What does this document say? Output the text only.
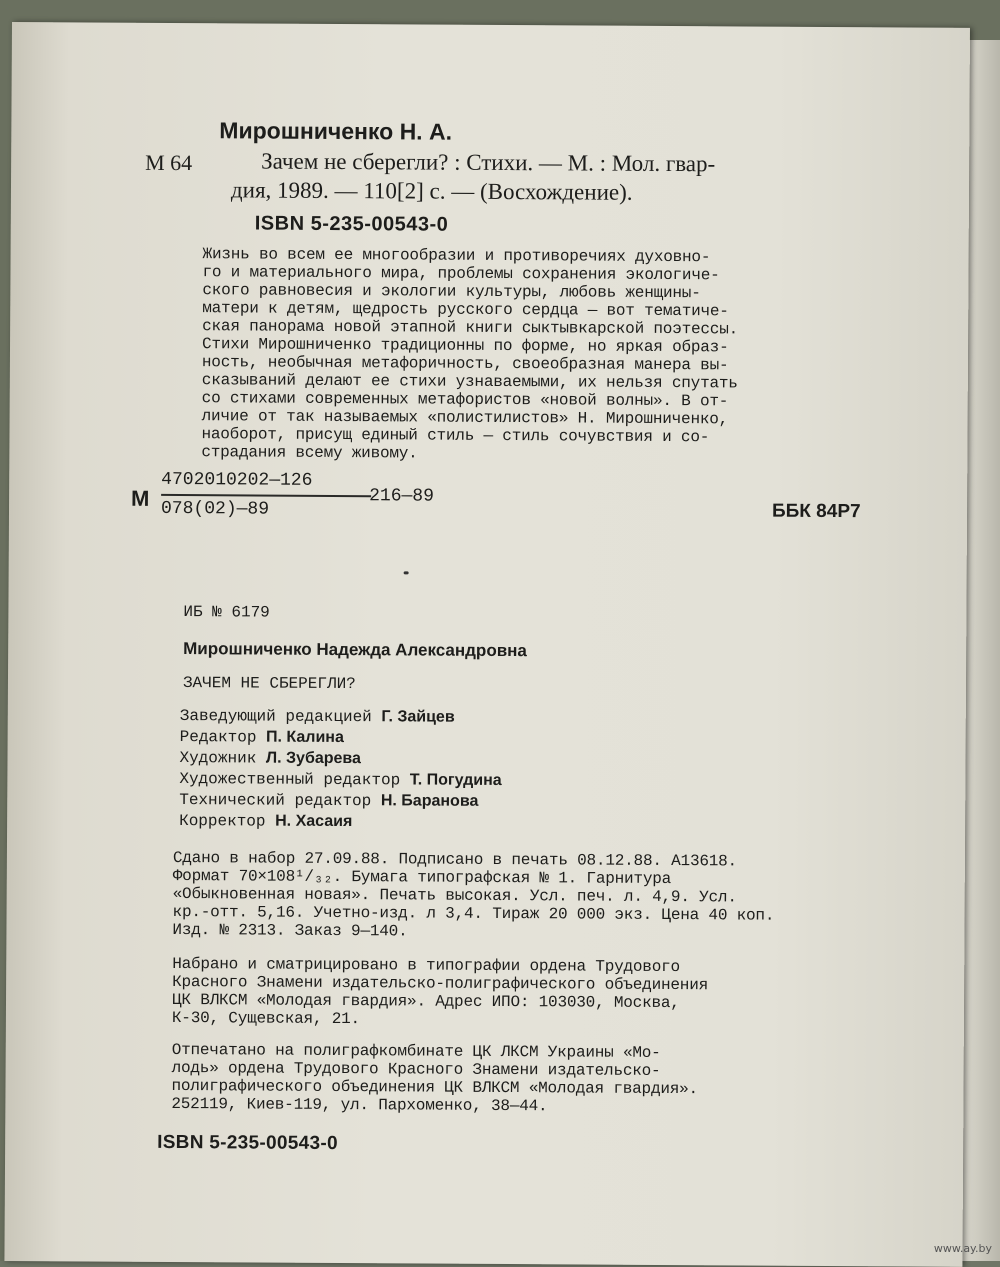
Мирошниченко Н. А.
М 64	Зачем не сберегли? : Стихи. — М. : Мол. гвар-
дия, 1989. — 110[2] с. — (Восхождение).
ISBN 5-235-00543-0
Жизнь во всем ее многообразии и противоречиях духовно-
го и материального мира, проблемы сохранения экологиче-
ского равновесия и экологии культуры, любовь женщины-
матери к детям, щедрость русского сердца — вот тематиче-
ская панорама новой этапной книги сыктывкарской поэтессы.
Стихи Мирошниченко традиционны по форме, но яркая образ-
ность, необычная метафоричность, своеобразная манера вы-
сказываний делают ее стихи узнаваемыми, их нельзя спутать
со стихами современных метафористов «новой волны». В от-
личие от так называемых «полистилистов» Н. Мирошниченко,
наоборот, присущ единый стиль — стиль сочувствия и со-
страдания всему живому.
М
4702010202—126
078(02)—89
216—89
ББК 84Р7
ИБ № 6179
Мирошниченко Надежда Александровна
ЗАЧЕМ НЕ СБЕРЕГЛИ?
Заведующий редакцией Г. Зайцев
Редактор П. Калина
Художник Л. Зубарева
Художественный редактор Т. Погудина
Технический редактор Н. Баранова
Корректор Н. Хасаия
Сдано в набор 27.09.88. Подписано в печать 08.12.88. А13618.
Формат 70×108¹/₃₂. Бумага типографская № 1. Гарнитура
«Обыкновенная новая». Печать высокая. Усл. печ. л. 4,9. Усл.
кр.-отт. 5,16. Учетно-изд. л 3,4. Тираж 20 000 экз. Цена 40 коп.
Изд. № 2313. Заказ 9—140.
Набрано и сматрицировано в типографии ордена Трудового
Красного Знамени издательско-полиграфического объединения
ЦК ВЛКСМ «Молодая гвардия». Адрес ИПО: 103030, Москва,
К-30, Сущевская, 21.
Отпечатано на полиграфкомбинате ЦК ЛКСМ Украины «Мо-
лодь» ордена Трудового Красного Знамени издательско-
полиграфического объединения ЦК ВЛКСМ «Молодая гвардия».
252119, Киев-119, ул. Пархоменко, 38—44.
ISBN 5-235-00543-0
www.ay.by
